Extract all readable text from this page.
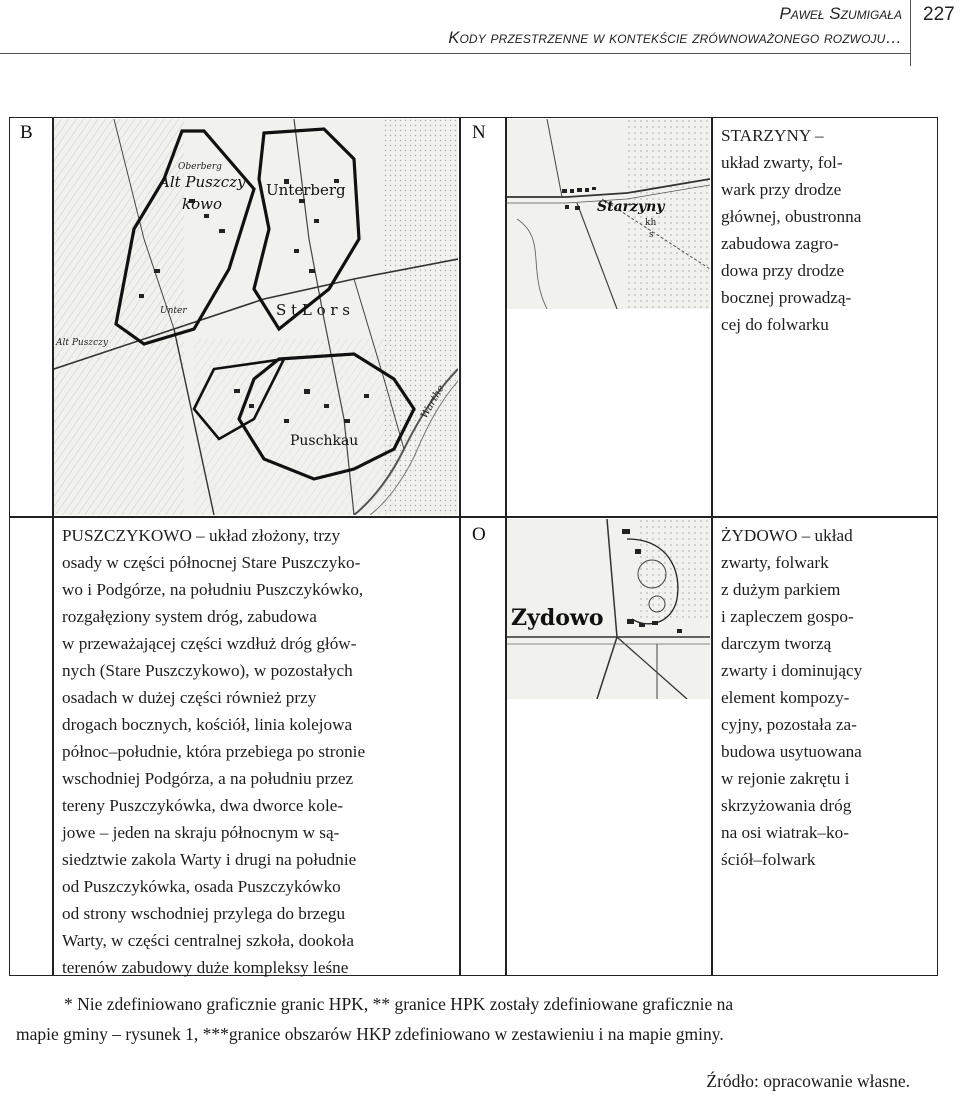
Paweł Szumigała
Kody przestrzenne w kontekście zrównoważonego rozwoju…
227
B	N
Alt Puszczy
kowo
Unterberg
S t L o r s
Puschkau
Oberberg
Alt Puszczy
Unter
Warthe
Starzyny
kh
s
STARZYNY –
układ zwarty, fol-
wark przy drodze
głównej, obustronna
zabudowa zagro-
dowa przy drodze
bocznej prowadzą-
cej do folwarku
PUSZCZYKOWO – układ złożony, trzy
osady w części północnej Stare Puszczyko-
wo i Podgórze, na południu Puszczykówko,
rozgałęziony system dróg, zabudowa
w przeważającej części wzdłuż dróg głów-
nych (Stare Puszczykowo), w pozostałych
osadach w dużej części również przy
drogach bocznych, kościół, linia kolejowa
północ–południe, która przebiega po stronie
wschodniej Podgórza, a na południu przez
tereny Puszczykówka, dwa dworce kole-
jowe – jeden na skraju północnym w są-
siedztwie zakola Warty i drugi na południe
od Puszczykówka, osada Puszczykówko
od strony wschodniej przylega do brzegu
Warty, w części centralnej szkoła, dookoła
terenów zabudowy duże kompleksy leśne
O
Zydowo
ŻYDOWO – układ
zwarty, folwark
z dużym parkiem
i zapleczem gospo-
darczym tworzą
zwarty i dominujący
element kompozy-
cyjny, pozostała za-
budowa usytuowana
w rejonie zakrętu i
skrzyżowania dróg
na osi wiatrak–ko-
ściół–folwark
* Nie zdefiniowano graficznie granic HPK, ** granice HPK zostały zdefiniowane graficznie na
mapie gminy – rysunek 1, ***granice obszarów HKP zdefiniowano w zestawieniu i na mapie gminy.
Źródło: opracowanie własne.
